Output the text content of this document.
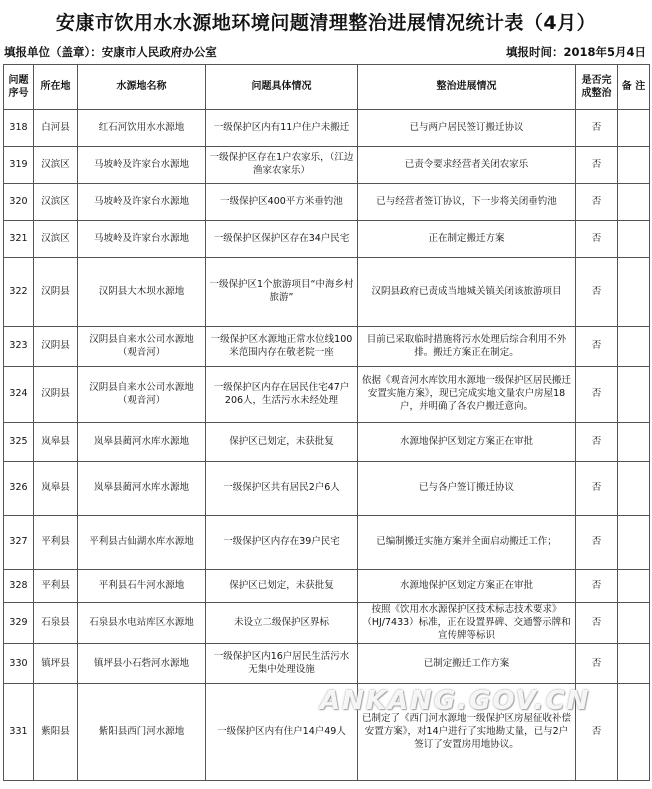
安康市饮用水水源地环境问题清理整治进展情况统计表（4月）
填报单位（盖章）：安康市人民政府办公室	填报时间：2018年5月4日
问题序号	所在地	水源地名称	问题具体情况	整治进展情况	是否完成整治	备 注
318	白河县	红石河饮用水水源地	一级保护区内有11户住户未搬迁	已与两户居民签订搬迁协议	否	
319	汉滨区	马坡岭及许家台水源地	一级保护区存在1户农家乐，（江边渔家农家乐）	已责令要求经营者关闭农家乐	否	
320	汉滨区	马坡岭及许家台水源地	一级保护区400平方米垂钓池	已与经营者签订协议，下一步将关闭垂钓池	否	
321	汉滨区	马坡岭及许家台水源地	一级保护区保护区存在34户民宅	正在制定搬迁方案	否	
322	汉阴县	汉阴县大木坝水源地	一级保护区1个旅游项目“中海乡村旅游”	汉阴县政府已责成当地城关镇关闭该旅游项目	否	
323	汉阴县	汉阴县自来水公司水源地（观音河）	一级保护区水源地正常水位线100米范围内存在敬老院一座	目前已采取临时措施将污水处理后综合利用不外排。搬迁方案正在制定。	否	
324	汉阴县	汉阴县自来水公司水源地（观音河）	一级保护区内存在居民住宅47户206人，生活污水未经处理	依据《观音河水库饮用水源地一级保护区居民搬迁安置实施方案》，现已完成实地文量农户房屋18户，并明确了各农户搬迁意向。	否	
325	岚皋县	岚皋县蔺河水库水源地	保护区已划定，未获批复	水源地保护区划定方案正在审批	否	
326	岚皋县	岚皋县蔺河水库水源地	一级保护区共有居民2户6人	已与各户签订搬迁协议	否	
327	平利县	平利县古仙湖水库水源地	一级保护区内存在39户民宅	已编制搬迁实施方案并全面启动搬迁工作；	否	
328	平利县	平利县石牛河水源地	保护区已划定，未获批复	水源地保护区划定方案正在审批	否	
329	石泉县	石泉县水电站库区水源地	未设立二级保护区界标	按照《饮用水水源保护区技术标志技术要求》（HJ/7433）标准，正在设置界碑、交通警示牌和宣传牌等标识	否	
330	镇坪县	镇坪县小石砦河水源地	一级保护区内16户居民生活污水无集中处理设施	已制定搬迁工作方案	否	
331	紫阳县	紫阳县西门河水源地	一级保护区内有住户14户49人	已制定了《西门河水源地一级保护区房屋征收补偿安置方案》，对14户进行了实地勘丈量，已与2户签订了安置房用地协议。	否	
ANKANG.GOV.CN
